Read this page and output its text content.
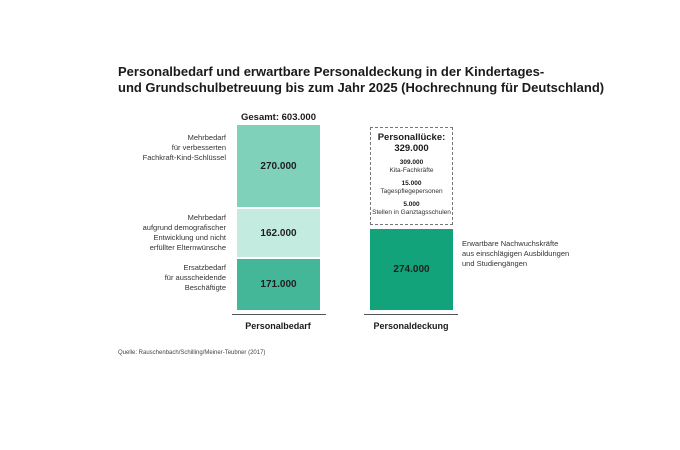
Personalbedarf und erwartbare Personaldeckung in der Kindertages-
und Grundschulbetreuung bis zum Jahr 2025 (Hochrechnung für Deutschland)
Gesamt: 603.000
270.000
162.000
171.000
Mehrbedarf
für verbesserten
Fachkraft-Kind-Schlüssel
Mehrbedarf
aufgrund demografischer
Entwicklung und nicht
erfüllter Elternwünsche
Ersatzbedarf
für ausscheidende
Beschäftigte
Personallücke:
329.000
309.000
Kita-Fachkräfte
15.000
Tagespflegepersonen
5.000
Stellen in Ganztagsschulen
274.000
Erwartbare Nachwuchskräfte
aus einschlägigen Ausbildungen
und Studiengängen
Personalbedarf	Personaldeckung
Quelle: Rauschenbach/Schilling/Meiner-Teubner (2017)
